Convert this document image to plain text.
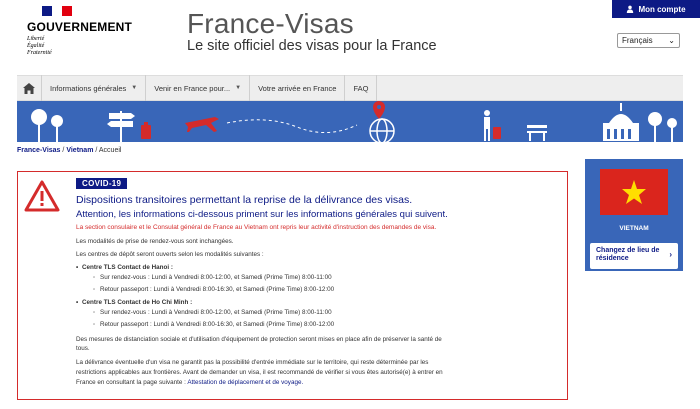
GOUVERNEMENT
Liberté
Égalité
Fraternité
France-Visas
Le site officiel des visas pour la France
Mon compte
Français ⌄
Informations générales ▼ Venir en France pour... ▼ Votre arrivée en France FAQ
France-Visas / Vietnam / Accueil
COVID-19
Dispositions transitoires permettant la reprise de la délivrance des visas.
Attention, les informations ci-dessous priment sur les informations générales qui suivent.
La section consulaire et le Consulat général de France au Vietnam ont repris leur activité d'instruction des demandes de visa.
Les modalités de prise de rendez-vous sont inchangées.
Les centres de dépôt seront ouverts selon les modalités suivantes :
• Centre TLS Contact de Hanoi :
◦ Sur rendez-vous : Lundi à Vendredi 8:00-12:00, et Samedi (Prime Time) 8:00-11:00
◦ Retour passeport : Lundi à Vendredi 8:00-16:30, et Samedi (Prime Time) 8:00-12:00
• Centre TLS Contact de Ho Chi Minh :
◦ Sur rendez-vous : Lundi à Vendredi 8:00-12:00, et Samedi (Prime Time) 8:00-11:00
◦ Retour passeport : Lundi à Vendredi 8:00-16:30, et Samedi (Prime Time) 8:00-12:00
Des mesures de distanciation sociale et d'utilisation d'équipement de protection seront mises en place afin de préserver la santé de
tous.
La délivrance éventuelle d'un visa ne garantit pas la possibilité d'entrée immédiate sur le territoire, qui reste déterminée par les
restrictions applicables aux frontières. Avant de demander un visa, il est recommandé de vérifier si vous êtes autorisé(e) à entrer en
France en consultant la page suivante : Attestation de déplacement et de voyage.
VIETNAM
Changez de lieu de
résidence	›
